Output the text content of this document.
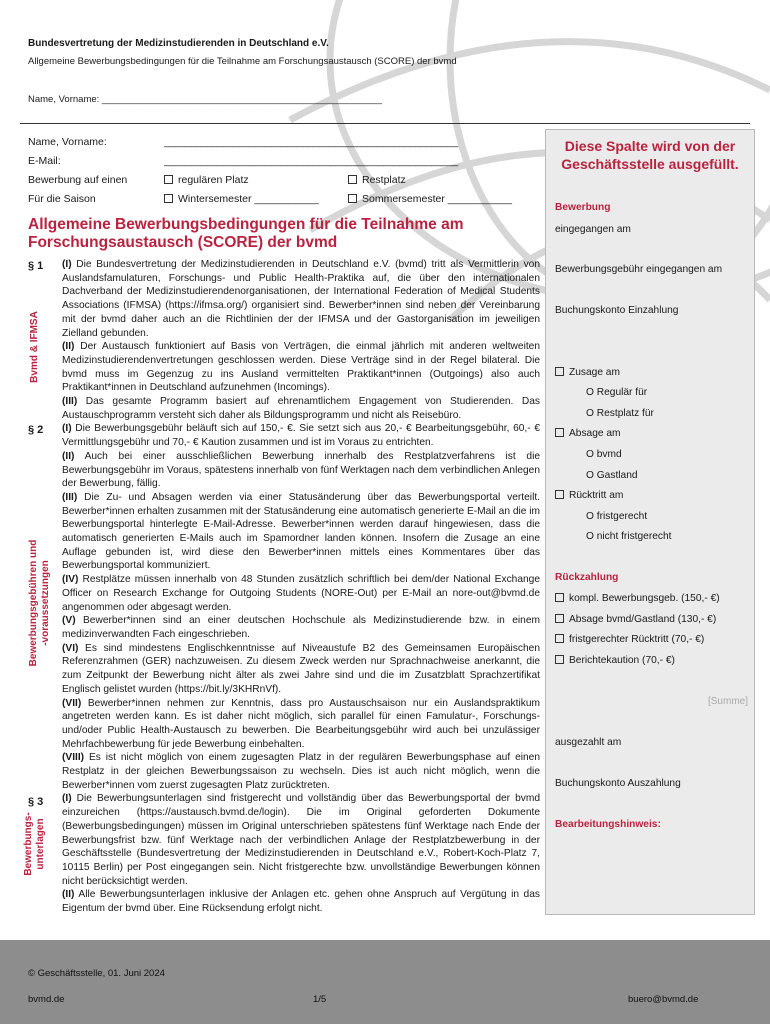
Bundesvertretung der Medizinstudierenden in Deutschland e.V.
Allgemeine Bewerbungsbedingungen für die Teilnahme am Forschungsaustausch (SCORE) der bvmd
Name, Vorname: _____________________________________________________
Name, Vorname:	_______________________________________________________
E-Mail:	_______________________________________________________
Bewerbung auf einen	regulären Platz	Restplatz
Für die Saison	Wintersemester ___________	Sommersemester ___________
Allgemeine Bewerbungsbedingungen für die Teilnahme am Forschungsaustausch (SCORE) der bvmd
§ 1
§ 2
§ 3
Bvmd & IFMSA
Bewerbungsgebühren und
-voraussetzungen
Bewerbungs-
unterlagen

(I) Die Bundesvertretung der Medizinstudierenden in Deutschland e.V. (bvmd) tritt als Vermittlerin von Auslandsfamulaturen, Forschungs- und Public Health-Praktika auf, die über den internationalen Dachverband der Medizinstudierendenorganisationen, der International Federation of Medical Students Associations (IFMSA) (https://ifmsa.org/) organisiert sind. Bewerber*innen sind neben der Vereinbarung mit der bvmd daher auch an die Richtlinien der der IFMSA und der Gastorganisation im jeweiligen Zielland gebunden.

(II) Der Austausch funktioniert auf Basis von Verträgen, die einmal jährlich mit anderen weltweiten Medizinstudierendenvertretungen geschlossen werden. Diese Verträge sind in der Regel bilateral. Die bvmd muss im Gegenzug zu ins Ausland vermittelten Praktikant*innen (Outgoings) also auch Praktikant*innen in Deutschland aufzunehmen (Incomings).

(III) Das gesamte Programm basiert auf ehrenamtlichem Engagement von Studierenden. Das Austauschprogramm versteht sich daher als Bildungsprogramm und nicht als Reisebüro.

(I) Die Bewerbungsgebühr beläuft sich auf 150,- €. Sie setzt sich aus 20,- € Bearbeitungsgebühr, 60,- € Vermittlungsgebühr und 70,- € Kaution zusammen und ist im Voraus zu entrichten.

(II) Auch bei einer ausschließlichen Bewerbung innerhalb des Restplatzverfahrens ist die Bewerbungsgebühr im Voraus, spätestens innerhalb von fünf Werktagen nach dem verbindlichen Anlegen der Bewerbung, fällig.

(III) Die Zu- und Absagen werden via einer Statusänderung über das Bewerbungsportal verteilt. Bewerber*innen erhalten zusammen mit der Statusänderung eine automatisch generierte E-Mail an die im Bewerbungsportal hinterlegte E-Mail-Adresse. Bewerber*innen werden darauf hingewiesen, dass die automatisch generierten E-Mails auch im Spamordner landen können. Insofern die Zusage an eine Auflage gebunden ist, wird diese den Bewerber*innen mittels eines Kommentares über das Bewerbungsportal kommuniziert.

(IV) Restplätze müssen innerhalb von 48 Stunden zusätzlich schriftlich bei dem/der National Exchange Officer on Research Exchange for Outgoing Students (NORE-Out) per E-Mail an nore-out@bvmd.de angenommen oder abgesagt werden.

(V) Bewerber*innen sind an einer deutschen Hochschule als Medizinstudierende bzw. in einem medizinverwandten Fach eingeschrieben.

(VI) Es sind mindestens Englischkenntnisse auf Niveaustufe B2 des Gemeinsamen Europäischen Referenzrahmen (GER) nachzuweisen. Zu diesem Zweck werden nur Sprachnachweise anerkannt, die zum Zeitpunkt der Bewerbung nicht älter als zwei Jahre sind und die im Zusatzblatt Sprachzertifikat Englisch gelistet wurden (https://bit.ly/3KHRnVf).

(VII) Bewerber*innen nehmen zur Kenntnis, dass pro Austauschsaison nur ein Auslandspraktikum angetreten werden kann. Es ist daher nicht möglich, sich parallel für einen Famulatur-, Forschungs- und/oder Public Health-Austausch zu bewerben. Die Bearbeitungsgebühr wird auch bei unzulässiger Mehrfachbewerbung für jede Bewerbung einbehalten.

(VIII) Es ist nicht möglich von einem zugesagten Platz in der regulären Bewerbungsphase auf einen Restplatz in der gleichen Bewerbungssaison zu wechseln. Dies ist auch nicht möglich, wenn die Bewerber*innen vom zuerst zugesagten Platz zurücktreten.

(I) Die Bewerbungsunterlagen sind fristgerecht und vollständig über das Bewerbungsportal der bvmd einzureichen (https://austausch.bvmd.de/login). Die im Original geforderten Dokumente (Bewerbungsbedingungen) müssen im Original unterschrieben spätestens fünf Werktage nach Ende der Bewerbungsfrist bzw. fünf Werktage nach der verbindlichen Anlage der Restplatzbewerbung in der Geschäftsstelle (Bundesvertretung der Medizinstudierenden in Deutschland e.V., Robert-Koch-Platz 7, 10115 Berlin) per Post eingegangen sein. Nicht fristgerechte bzw. unvollständige Bewerbungen können nicht berücksichtigt werden.

(II) Alle Bewerbungsunterlagen inklusive der Anlagen etc. gehen ohne Anspruch auf Vergütung in das Eigentum der bvmd über. Eine Rücksendung erfolgt nicht.

Diese Spalte wird von der Geschäftsstelle ausgefüllt.
Bewerbung
eingegangen am
Bewerbungsgebühr eingegangen am
Buchungskonto Einzahlung
Zusage am
O Regulär für
O Restplatz für
Absage am
O bvmd
O Gastland
Rücktritt am
O fristgerecht
O nicht fristgerecht
Rückzahlung
kompl. Bewerbungsgeb. (150,- €)
Absage bvmd/Gastland (130,- €)
fristgerechter Rücktritt (70,- €)
Berichtekaution (70,- €)
[Summe]
ausgezahlt am
Buchungskonto Auszahlung
Bearbeitungshinweis:
© Geschäftsstelle, 01. Juni 2024
bvmd.de	1/5	buero@bvmd.de
